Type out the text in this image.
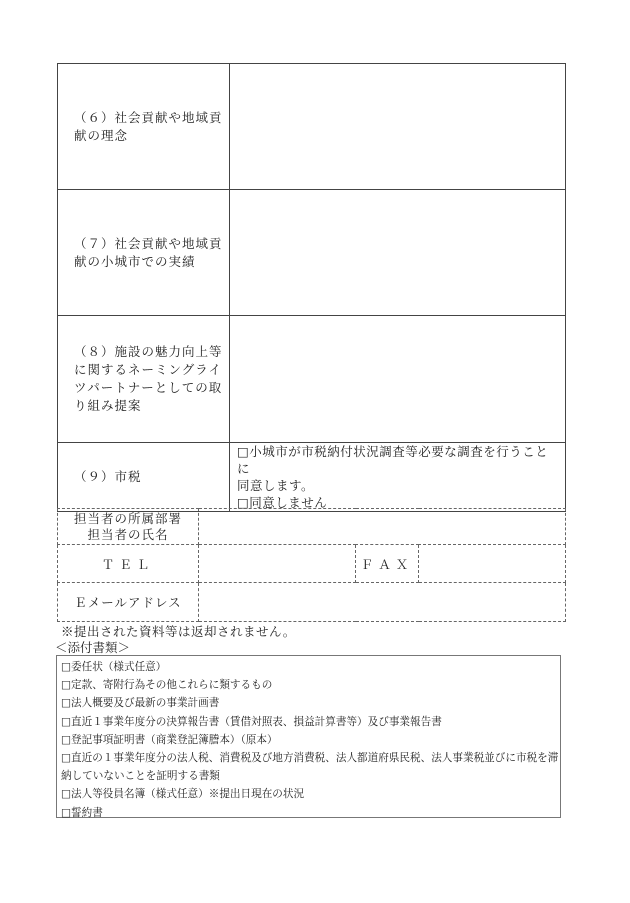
（６）社会貢献や地域貢献の理念	
（７）社会貢献や地域貢献の小城市での実績	
（８）施設の魅力向上等に関するネーミングライツパートナーとしての取り組み提案	
（９）市税	□小城市が市税納付状況調査等必要な調査を行うことに
同意します。
□同意しません
担当者の所属部署
担当者の氏名			
ＴＥＬ		ＦＡＸ	
Ｅメールアドレス			
※提出された資料等は返却されません。
＜添付書類＞
□委任状（様式任意）
□定款、寄附行為その他これらに類するもの
□法人概要及び最新の事業計画書
□直近１事業年度分の決算報告書（賃借対照表、損益計算書等）及び事業報告書
□登記事項証明書（商業登記簿謄本）（原本）
□直近の１事業年度分の法人税、消費税及び地方消費税、法人都道府県民税、法人事業税並びに市税を滞納していないことを証明する書類
□法人等役員名簿（様式任意）※提出日現在の状況
□誓約書
